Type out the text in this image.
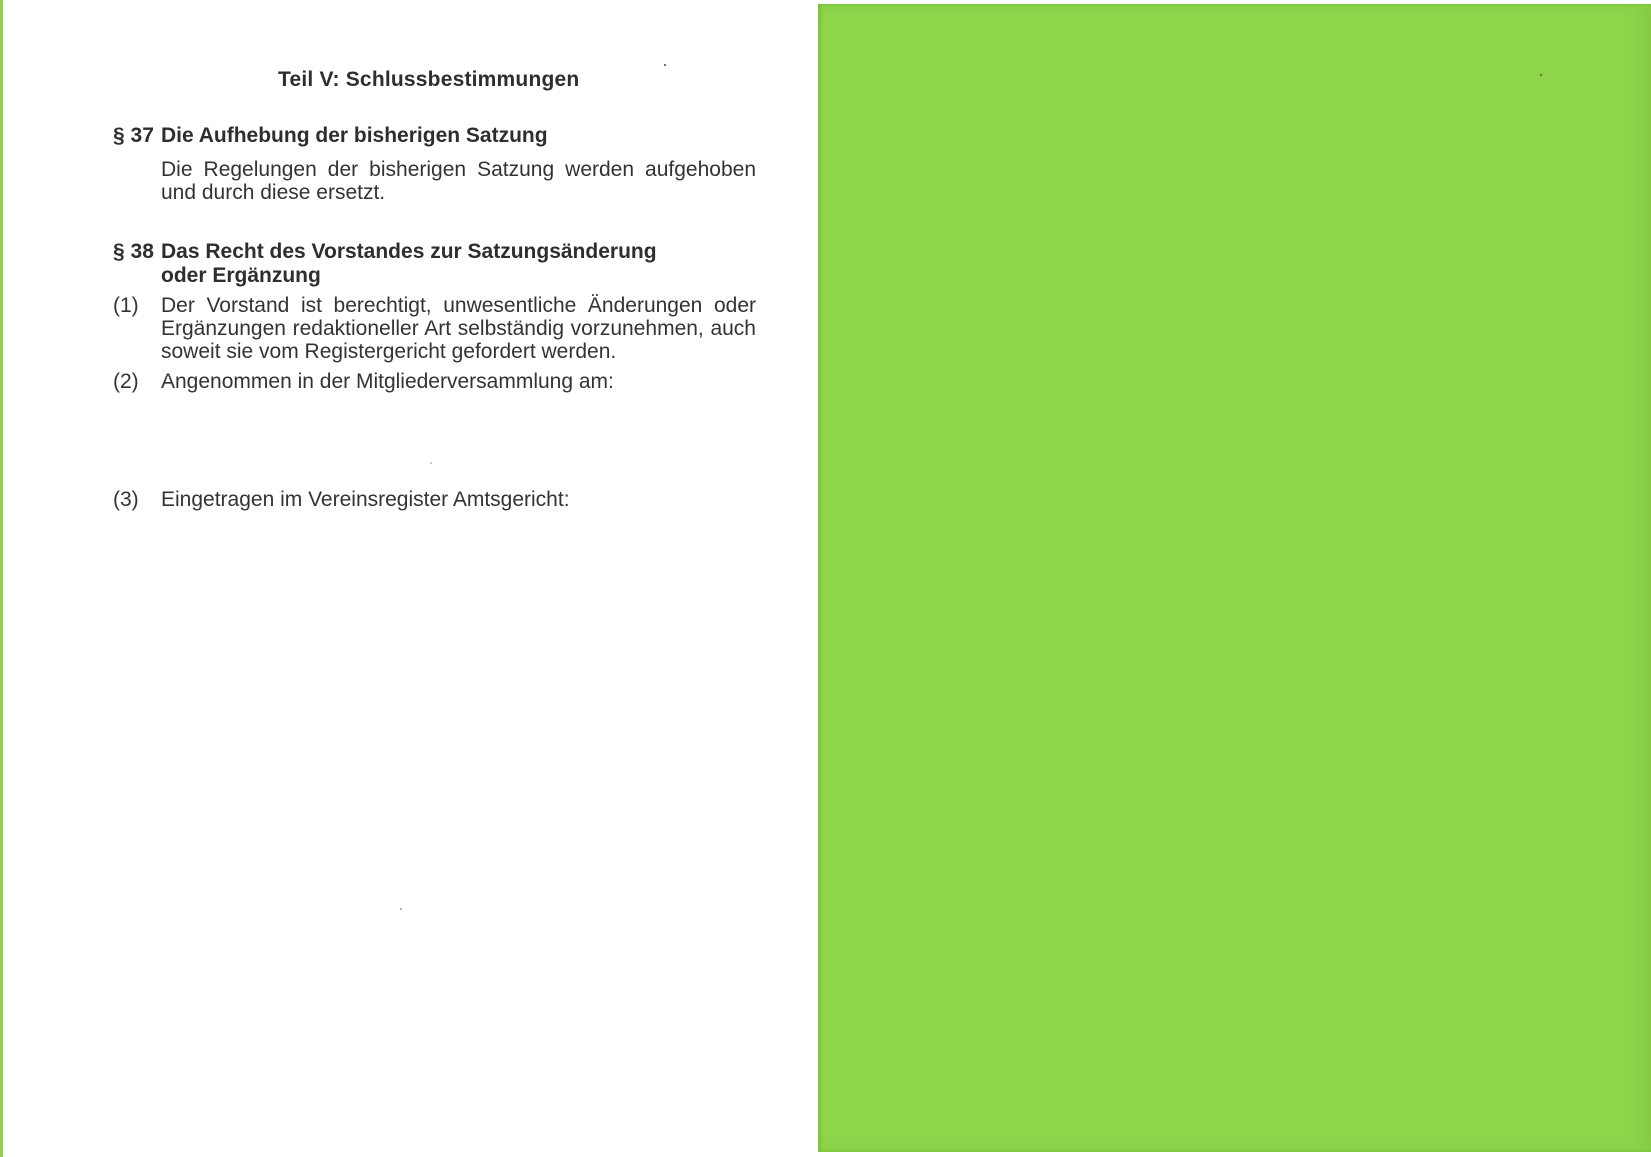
Teil V: Schlussbestimmungen
§ 37 Die Aufhebung der bisherigen Satzung
Die Regelungen der bisherigen Satzung werden aufgehoben und durch diese ersetzt.
§ 38 Das Recht des Vorstandes zur Satzungsänderung
oder Ergänzung
(1) Der Vorstand ist berechtigt, unwesentliche Änderungen oder Ergänzungen redaktioneller Art selbständig vorzunehmen, auch soweit sie vom Registergericht gefordert werden.
(2) Angenommen in der Mitgliederversammlung am:
(3) Eingetragen im Vereinsregister Amtsgericht:
